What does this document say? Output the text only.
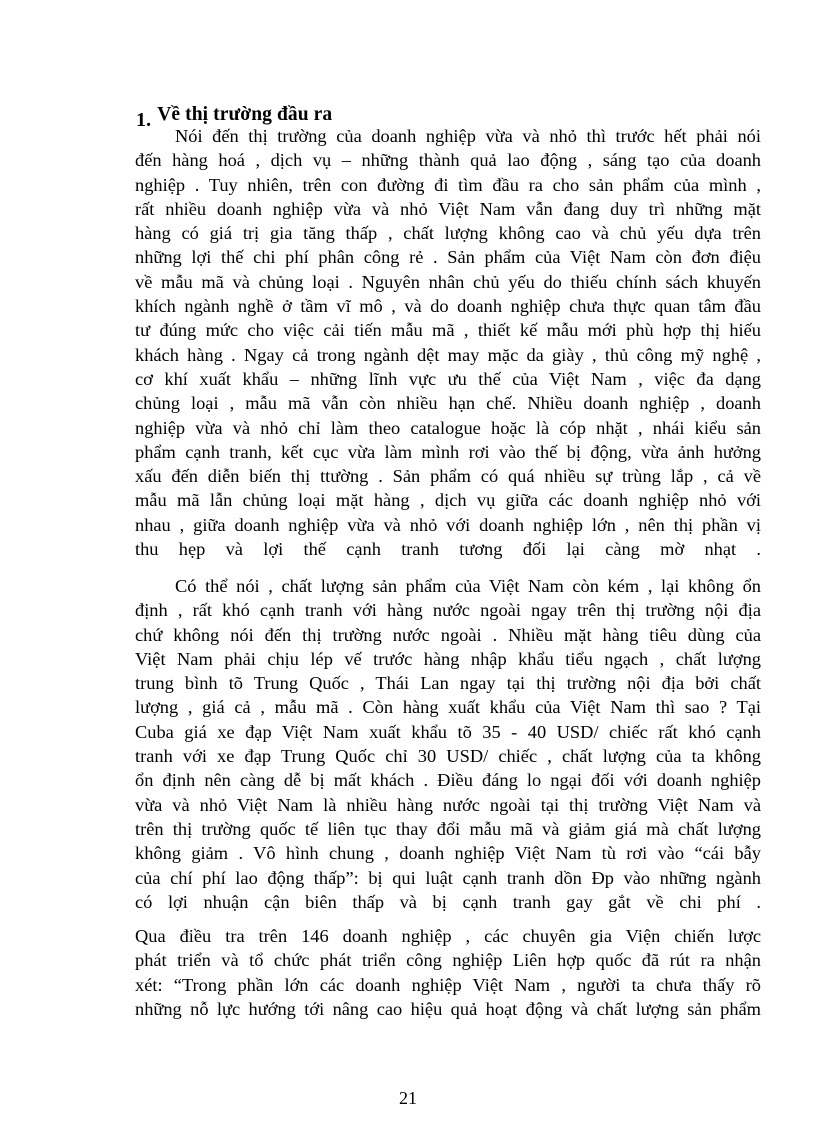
1. Về thị trường đầu ra
Nói đến thị trường của doanh nghiệp vừa và nhỏ thì trước hết phải nói
đến hàng hoá , dịch vụ – những thành quả lao động , sáng tạo của doanh
nghiệp . Tuy nhiên, trên con đường đi tìm đầu ra cho sản phẩm của mình ,
rất nhiều doanh nghiệp vừa và nhỏ Việt Nam vẫn đang duy trì những mặt
hàng có giá trị gia tăng thấp , chất lượng không cao và chủ yếu dựa trên
những lợi thế chi phí phân công rẻ . Sản phẩm của Việt Nam còn đơn điệu
về mẫu mã và chủng loại . Nguyên nhân chủ yếu do thiếu chính sách khuyến
khích ngành nghề ở tầm vĩ mô , và do doanh nghiệp chưa thực quan tâm đầu
tư đúng mức cho việc cải tiến mẫu mã , thiết kế mẫu mới phù hợp thị hiếu
khách hàng . Ngay cả trong ngành dệt may mặc da giày , thủ công mỹ nghệ ,
cơ khí xuất khẩu – những lĩnh vực ưu thế của Việt Nam , việc đa dạng
chủng loại , mẫu mã vẫn còn nhiều hạn chế. Nhiều doanh nghiệp , doanh
nghiệp vừa và nhỏ chỉ làm theo catalogue hoặc là cóp nhặt , nhái kiểu sản
phẩm cạnh tranh, kết cục vừa làm mình rơi vào thế bị động, vừa ảnh hưởng
xấu đến diễn biến thị ttường . Sản phẩm có quá nhiều sự trùng lắp , cả về
mẫu mã lẫn chủng loại mặt hàng , dịch vụ giữa các doanh nghiệp nhỏ với
nhau , giữa doanh nghiệp vừa và nhỏ với doanh nghiệp lớn , nên thị phần vị
thu hẹp và lợi thế cạnh tranh tương đối lại càng mờ nhạt .
Có thể nói , chất lượng sản phẩm của Việt Nam còn kém , lại không ổn
định , rất khó cạnh tranh với hàng nước ngoài ngay trên thị trường nội địa
chứ không nói đến thị trường nước ngoài . Nhiều mặt hàng tiêu dùng của
Việt Nam phải chịu lép vế trước hàng nhập khẩu tiểu ngạch , chất lượng
trung bình tõ Trung Quốc , Thái Lan ngay tại thị trường nội địa bởi chất
lượng , giá cả , mẫu mã . Còn hàng xuất khẩu của Việt Nam thì sao ? Tại
Cuba giá xe đạp Việt Nam xuất khẩu tõ 35 - 40 USD/ chiếc rất khó cạnh
tranh với xe đạp Trung Quốc chỉ 30 USD/ chiếc , chất lượng của ta không
ổn định nên càng dễ bị mất khách . Điều đáng lo ngại đối với doanh nghiệp
vừa và nhỏ Việt Nam là nhiều hàng nước ngoài tại thị trường Việt Nam và
trên thị trường quốc tế liên tục thay đổi mẫu mã và giảm giá mà chất lượng
không giảm . Vô hình chung , doanh nghiệp Việt Nam tù rơi vào “cái bẫy
của chí phí lao động thấp”: bị qui luật cạnh tranh dồn Đp vào những ngành
có lợi nhuận cận biên thấp và bị cạnh tranh gay gắt về chi phí .
Qua điều tra trên 146 doanh nghiệp , các chuyên gia Viện chiến lược
phát triển và tổ chức phát triển công nghiệp Liên hợp quốc đã rút ra nhận
xét: “Trong phần lớn các doanh nghiệp Việt Nam , người ta chưa thấy rõ
những nỗ lực hướng tới nâng cao hiệu quả hoạt động và chất lượng sản phẩm
21
